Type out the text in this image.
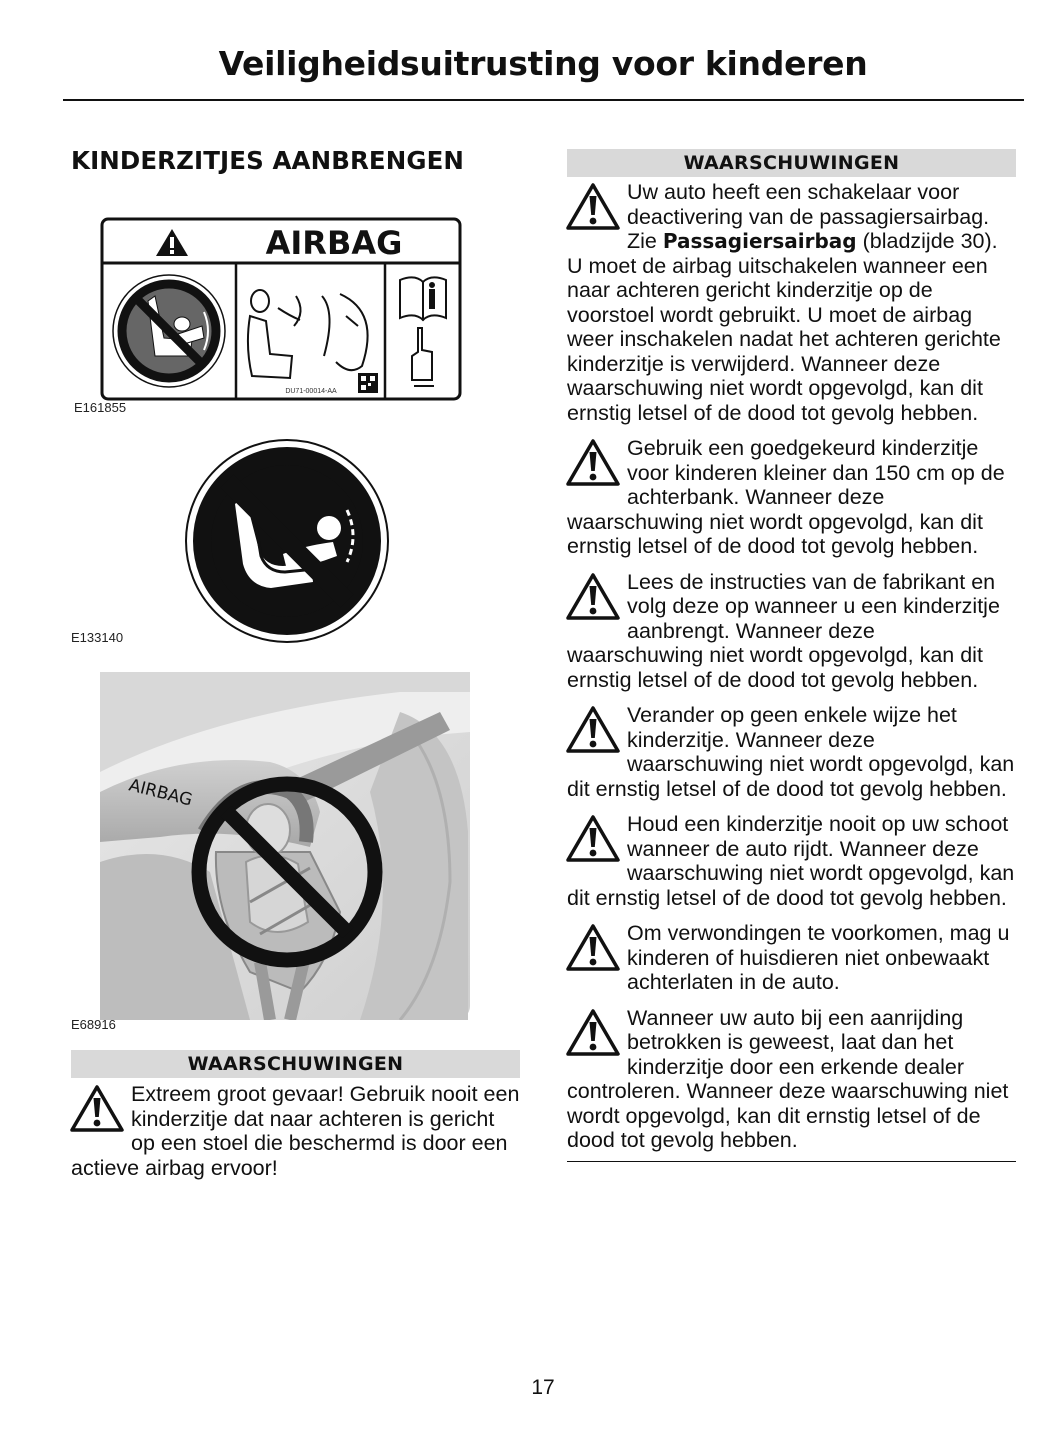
Veiligheidsuitrusting voor kinderen
KINDERZITJES AANBRENGEN
AIRBAG
DU71-00014-AA
E161855
E133140
AIRBAG
E68916
WAARSCHUWINGEN

Extreem groot gevaar! Gebruik nooit een kinderzitje dat naar achteren is gericht op een stoel die beschermd is door een actieve airbag ervoor!

WAARSCHUWINGEN

Uw auto heeft een schakelaar voor deactivering van de passagiersairbag. Zie Passagiersairbag (bladzijde 30). U moet de airbag uitschakelen wanneer een naar achteren gericht kinderzitje op de voorstoel wordt gebruikt. U moet de airbag weer inschakelen nadat het achteren gerichte kinderzitje is verwijderd. Wanneer deze waarschuwing niet wordt opgevolgd, kan dit ernstig letsel of de dood tot gevolg hebben.

Gebruik een goedgekeurd kinderzitje voor kinderen kleiner dan 150 cm op de achterbank. Wanneer deze waarschuwing niet wordt opgevolgd, kan dit ernstig letsel of de dood tot gevolg hebben.

Lees de instructies van de fabrikant en volg deze op wanneer u een kinderzitje aanbrengt. Wanneer deze waarschuwing niet wordt opgevolgd, kan dit ernstig letsel of de dood tot gevolg hebben.

Verander op geen enkele wijze het kinderzitje. Wanneer deze waarschuwing niet wordt opgevolgd, kan dit ernstig letsel of de dood tot gevolg hebben.

Houd een kinderzitje nooit op uw schoot wanneer de auto rijdt. Wanneer deze waarschuwing niet wordt opgevolgd, kan dit ernstig letsel of de dood tot gevolg hebben.

Om verwondingen te voorkomen, mag u kinderen of huisdieren niet onbewaakt achterlaten in de auto.

Wanneer uw auto bij een aanrijding betrokken is geweest, laat dan het kinderzitje door een erkende dealer controleren. Wanneer deze waarschuwing niet wordt opgevolgd, kan dit ernstig letsel of de dood tot gevolg hebben.

17
